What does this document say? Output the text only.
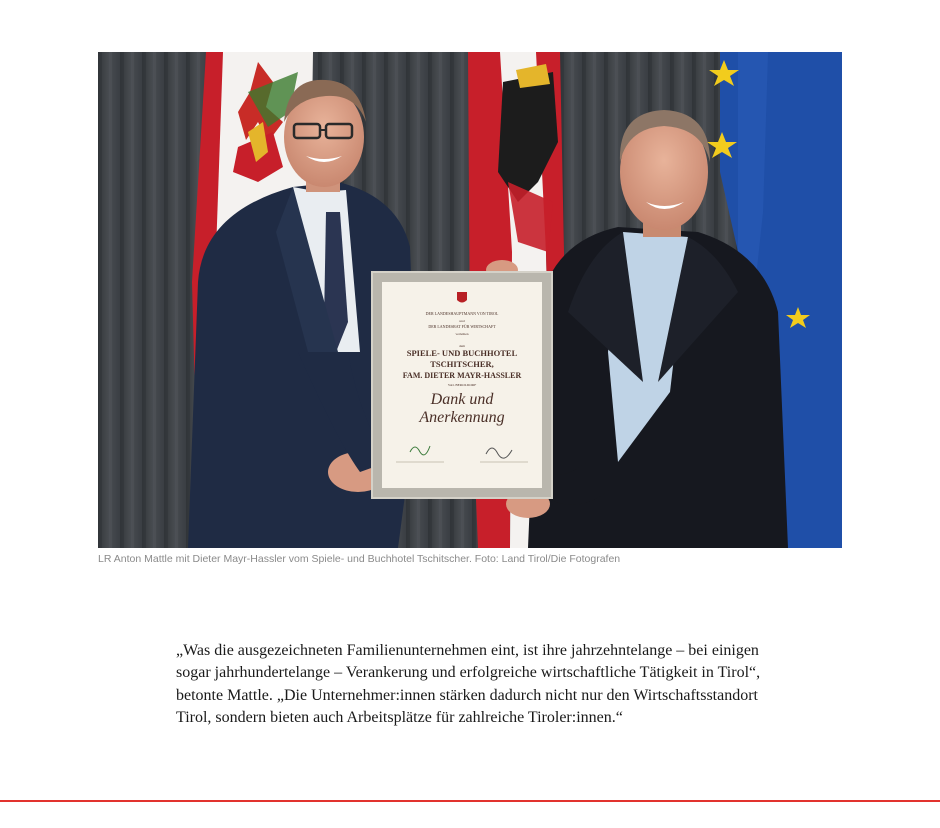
DER LANDESHAUPTMANN VON TIROL
und
DER LANDESRAT FÜR WIRTSCHAFT
verleihen
dem
SPIELE- UND BUCHHOTEL
TSCHITSCHER,
FAM. DIETER MAYR-HASSLER
VAL BEROLDORF
Dank und
Anerkennung
LR Anton Mattle mit Dieter Mayr-Hassler vom Spiele- und Buchhotel Tschitscher. Foto: Land Tirol/Die Fotografen

„Was die ausgezeichneten Familienunternehmen eint, ist ihre jahrzehntelange – bei einigen sogar jahrhundertelange – Verankerung und erfolgreiche wirtschaftliche Tätigkeit in Tirol“, betonte Mattle. „Die Unternehmer:innen stärken dadurch nicht nur den Wirtschaftsstandort Tirol, sondern bieten auch Arbeitsplätze für zahlreiche Tiroler:innen.“
